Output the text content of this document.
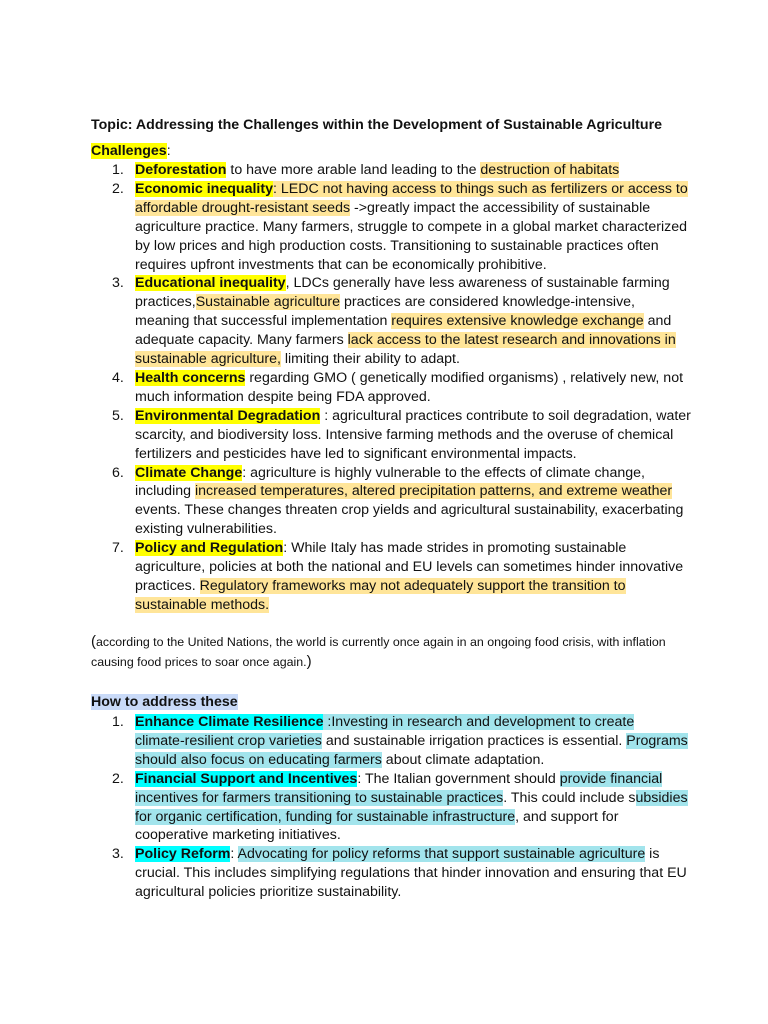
Topic: Addressing the Challenges within the Development of Sustainable Agriculture
Challenges:
1. Deforestation to have more arable land leading to the destruction of habitats
2. Economic inequality: LEDC not having access to things such as fertilizers or access to
affordable drought-resistant seeds ->greatly impact the accessibility of sustainable
agriculture practice. Many farmers, struggle to compete in a global market characterized
by low prices and high production costs. Transitioning to sustainable practices often
requires upfront investments that can be economically prohibitive.
3. Educational inequality, LDCs generally have less awareness of sustainable farming
practices,Sustainable agriculture practices are considered knowledge-intensive,
meaning that successful implementation requires extensive knowledge exchange and
adequate capacity. Many farmers lack access to the latest research and innovations in
sustainable agriculture, limiting their ability to adapt.
4. Health concerns regarding GMO ( genetically modified organisms) , relatively new, not
much information despite being FDA approved.
5. Environmental Degradation : agricultural practices contribute to soil degradation, water
scarcity, and biodiversity loss. Intensive farming methods and the overuse of chemical
fertilizers and pesticides have led to significant environmental impacts.
6. Climate Change: agriculture is highly vulnerable to the effects of climate change,
including increased temperatures, altered precipitation patterns, and extreme weather
events. These changes threaten crop yields and agricultural sustainability, exacerbating
existing vulnerabilities.
7. Policy and Regulation: While Italy has made strides in promoting sustainable
agriculture, policies at both the national and EU levels can sometimes hinder innovative
practices. Regulatory frameworks may not adequately support the transition to
sustainable methods.
(according to the United Nations, the world is currently once again in an ongoing food crisis, with inflation causing food prices to soar once again.)
How to address these
1. Enhance Climate Resilience :Investing in research and development to create
climate-resilient crop varieties and sustainable irrigation practices is essential. Programs
should also focus on educating farmers about climate adaptation.
2. Financial Support and Incentives: The Italian government should provide financial
incentives for farmers transitioning to sustainable practices. This could include subsidies
for organic certification, funding for sustainable infrastructure, and support for
cooperative marketing initiatives.
3. Policy Reform: Advocating for policy reforms that support sustainable agriculture is
crucial. This includes simplifying regulations that hinder innovation and ensuring that EU
agricultural policies prioritize sustainability.
